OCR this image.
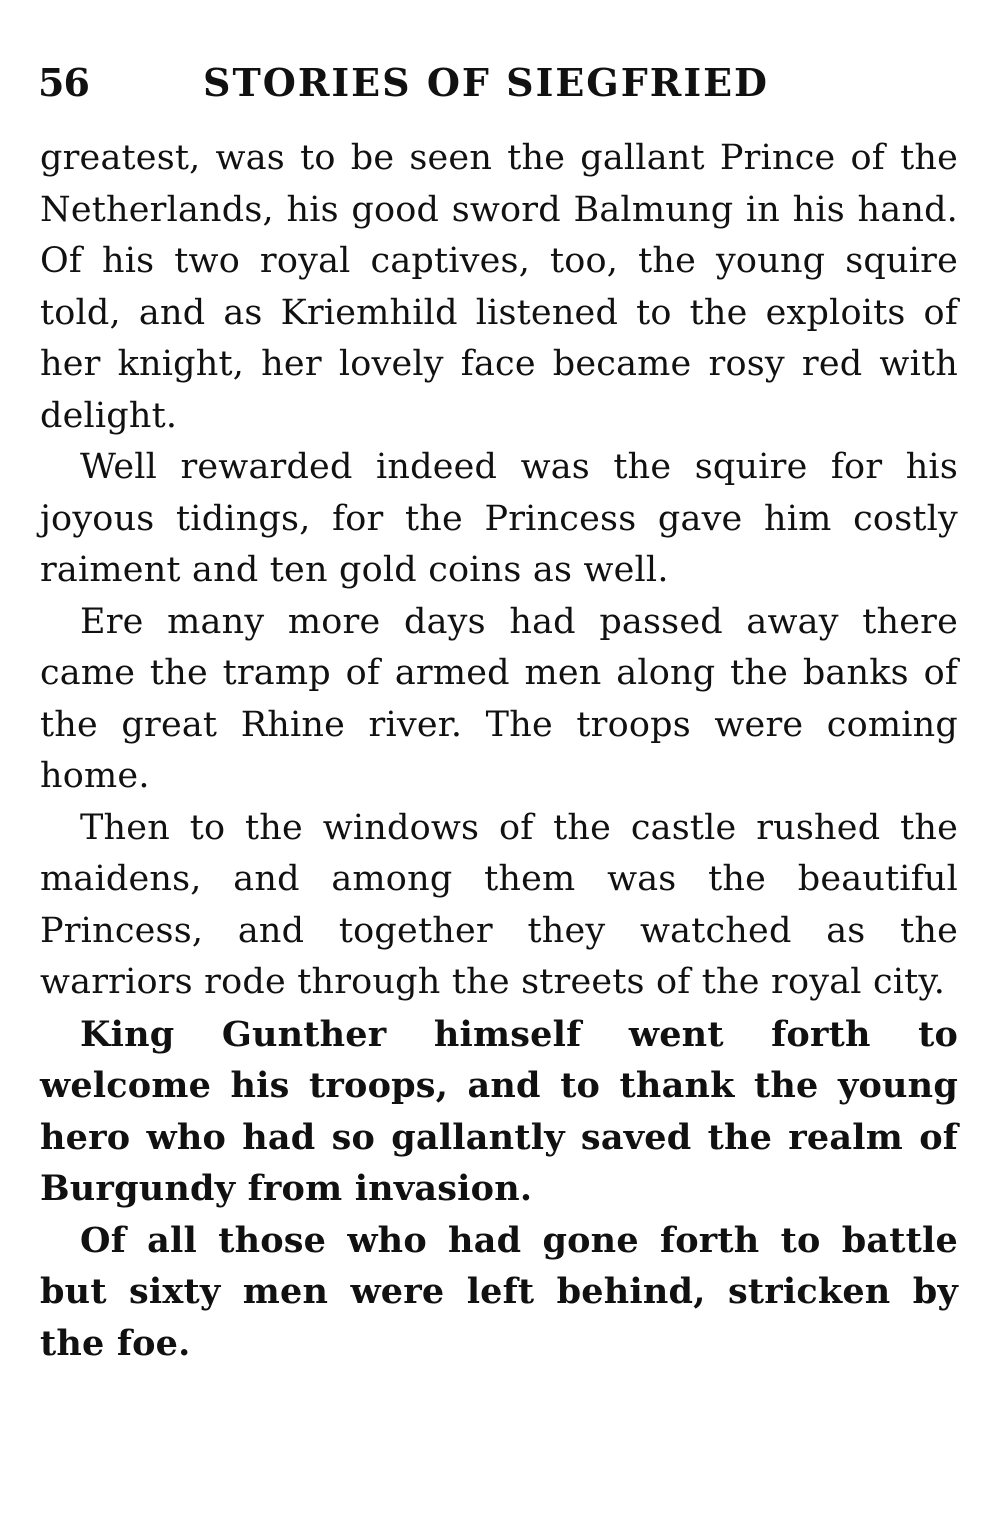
56	STORIES OF SIEGFRIED

greatest, was to be seen the gallant Prince of the Netherlands, his good sword Balmung in his hand. Of his two royal captives, too, the young squire told, and as Kriemhild listened to the exploits of her knight, her lovely face became rosy red with delight.

Well rewarded indeed was the squire for his joyous tidings, for the Princess gave him costly raiment and ten gold coins as well.

Ere many more days had passed away there came the tramp of armed men along the banks of the great Rhine river. The troops were coming home.

Then to the windows of the castle rushed the maidens, and among them was the beautiful Princess, and together they watched as the warriors rode through the streets of the royal city.

King Gunther himself went forth to welcome his troops, and to thank the young hero who had so gallantly saved the realm of Burgundy from invasion.

Of all those who had gone forth to battle but sixty men were left behind, stricken by the foe.
